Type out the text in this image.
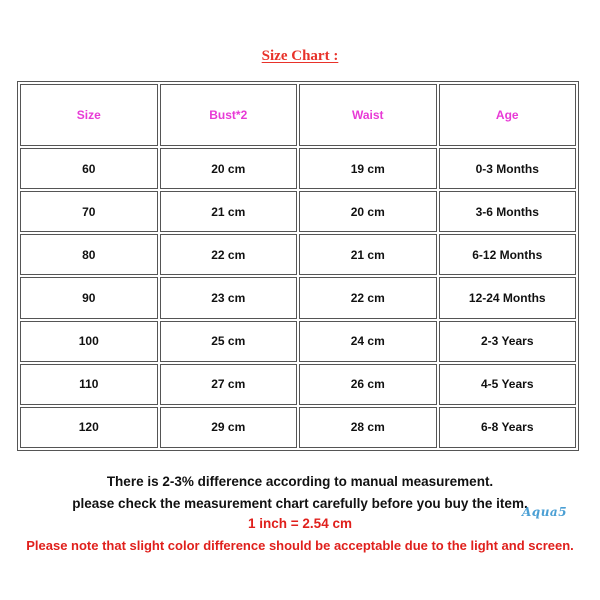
Size Chart :
Size	Bust*2	Waist	Age
60	20 cm	19 cm	0-3 Months
70	21 cm	20 cm	3-6 Months
80	22 cm	21 cm	6-12 Months
90	23 cm	22 cm	12-24 Months
100	25 cm	24 cm	2-3 Years
110	27 cm	26 cm	4-5 Years
120	29 cm	28 cm	6-8 Years
There is 2-3% difference according to manual measurement.
please check the measurement chart carefully before you buy the item.
1 inch = 2.54 cm
Please note that slight color difference should be acceptable due to the light and screen.
Aqua5
